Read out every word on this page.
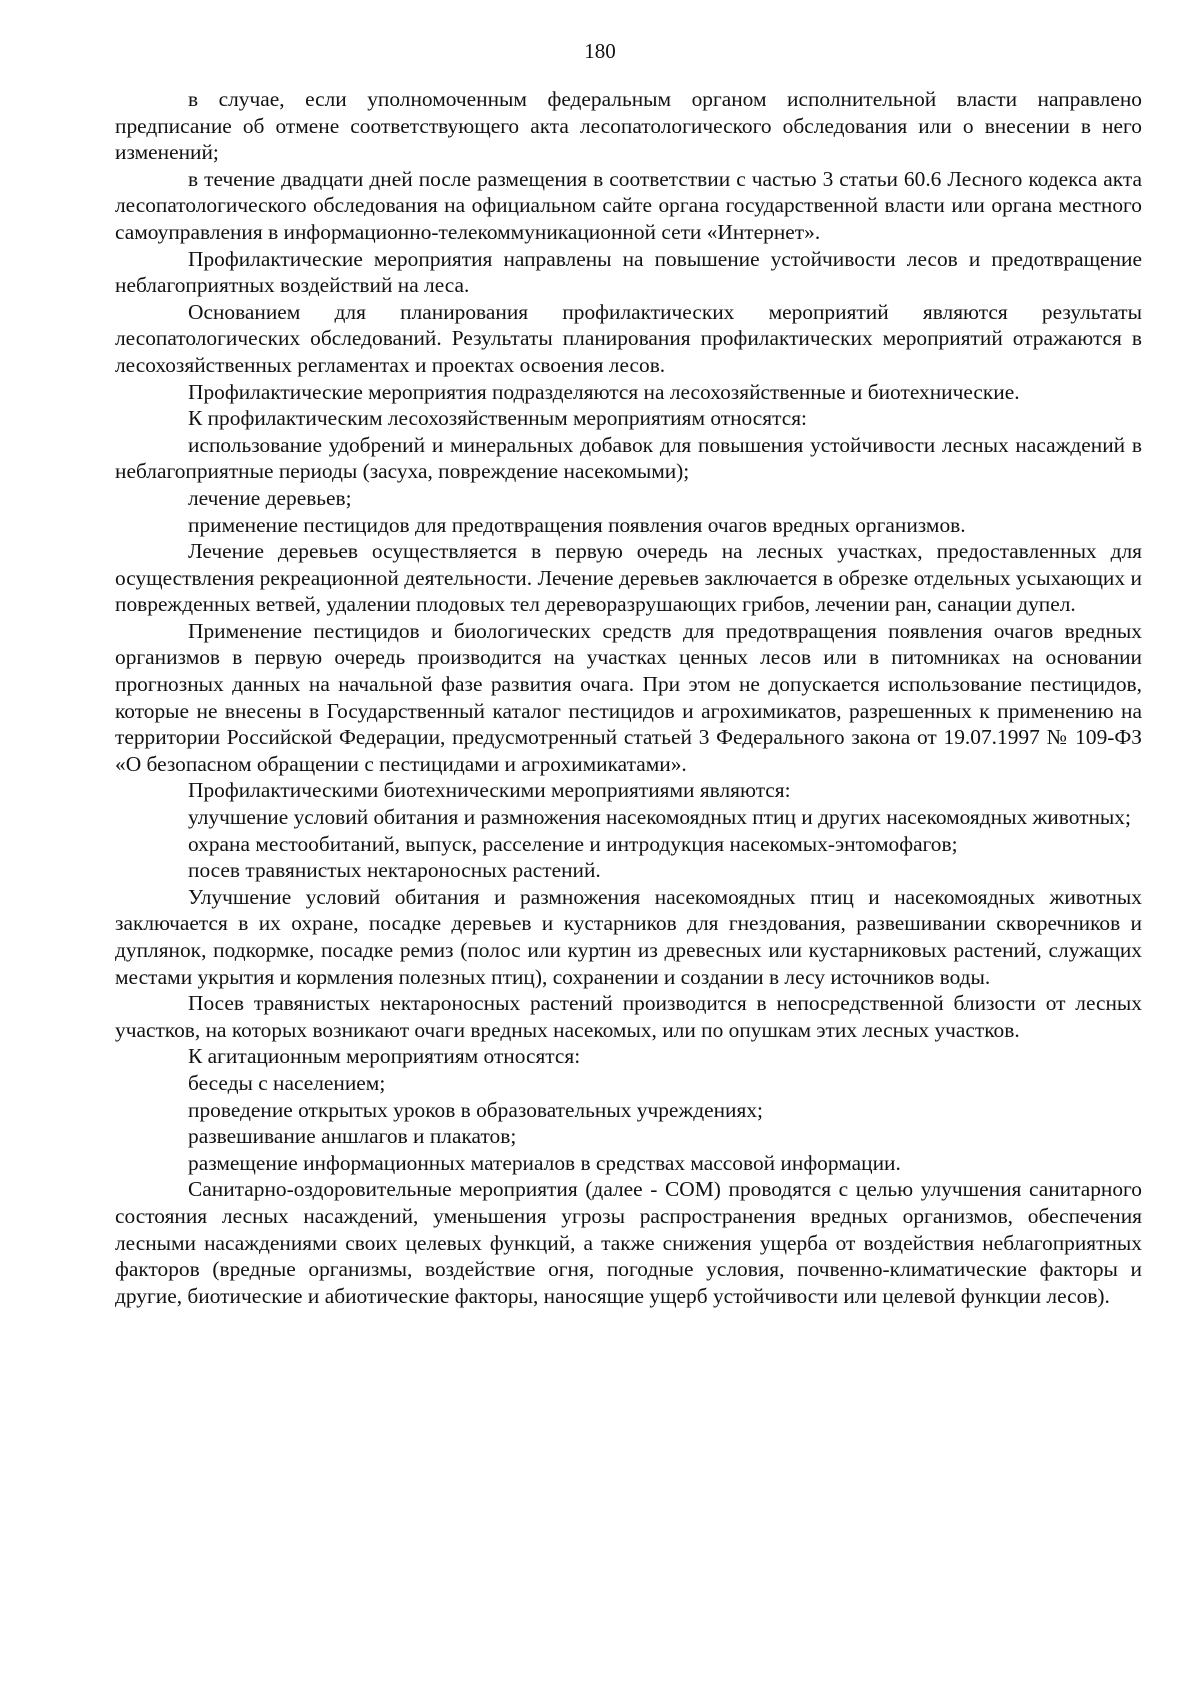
180

в случае, если уполномоченным федеральным органом исполнительной власти направлено предписание об отмене соответствующего акта лесопатологического обследования или о внесении в него изменений;

в течение двадцати дней после размещения в соответствии с частью 3 статьи 60.6 Лесного кодекса акта лесопатологического обследования на официальном сайте органа государственной власти или органа местного самоуправления в информационно-телекоммуникационной сети «Интернет».

Профилактические мероприятия направлены на повышение устойчивости лесов и предотвращение неблагоприятных воздействий на леса.

Основанием для планирования профилактических мероприятий являются результаты лесопатологических обследований. Результаты планирования профилактических мероприятий отражаются в лесохозяйственных регламентах и проектах освоения лесов.

Профилактические мероприятия подразделяются на лесохозяйственные и биотехнические.

К профилактическим лесохозяйственным мероприятиям относятся:

использование удобрений и минеральных добавок для повышения устойчивости лесных насаждений в неблагоприятные периоды (засуха, повреждение насекомыми);

лечение деревьев;

применение пестицидов для предотвращения появления очагов вредных организмов.

Лечение деревьев осуществляется в первую очередь на лесных участках, предоставленных для осуществления рекреационной деятельности. Лечение деревьев заключается в обрезке отдельных усыхающих и поврежденных ветвей, удалении плодовых тел дереворазрушающих грибов, лечении ран, санации дупел.

Применение пестицидов и биологических средств для предотвращения появления очагов вредных организмов в первую очередь производится на участках ценных лесов или в питомниках на основании прогнозных данных на начальной фазе развития очага. При этом не допускается использование пестицидов, которые не внесены в Государственный каталог пестицидов и агрохимикатов, разрешенных к применению на территории Российской Федерации, предусмотренный статьей 3 Федерального закона от 19.07.1997 № 109-ФЗ «О безопасном обращении с пестицидами и агрохимикатами».

Профилактическими биотехническими мероприятиями являются:

улучшение условий обитания и размножения насекомоядных птиц и других насекомоядных животных;

охрана местообитаний, выпуск, расселение и интродукция насекомых-энтомофагов;

посев травянистых нектароносных растений.

Улучшение условий обитания и размножения насекомоядных птиц и насекомоядных животных заключается в их охране, посадке деревьев и кустарников для гнездования, развешивании скворечников и дуплянок, подкормке, посадке ремиз (полос или куртин из древесных или кустарниковых растений, служащих местами укрытия и кормления полезных птиц), сохранении и создании в лесу источников воды.

Посев травянистых нектароносных растений производится в непосредственной близости от лесных участков, на которых возникают очаги вредных насекомых, или по опушкам этих лесных участков.

К агитационным мероприятиям относятся:

беседы с населением;

проведение открытых уроков в образовательных учреждениях;

развешивание аншлагов и плакатов;

размещение информационных материалов в средствах массовой информации.

Санитарно-оздоровительные мероприятия (далее - СОМ) проводятся с целью улучшения санитарного состояния лесных насаждений, уменьшения угрозы распространения вредных организмов, обеспечения лесными насаждениями своих целевых функций, а также снижения ущерба от воздействия неблагоприятных факторов (вредные организмы, воздействие огня, погодные условия, почвенно-климатические факторы и другие, биотические и абиотические факторы, наносящие ущерб устойчивости или целевой функции лесов).
